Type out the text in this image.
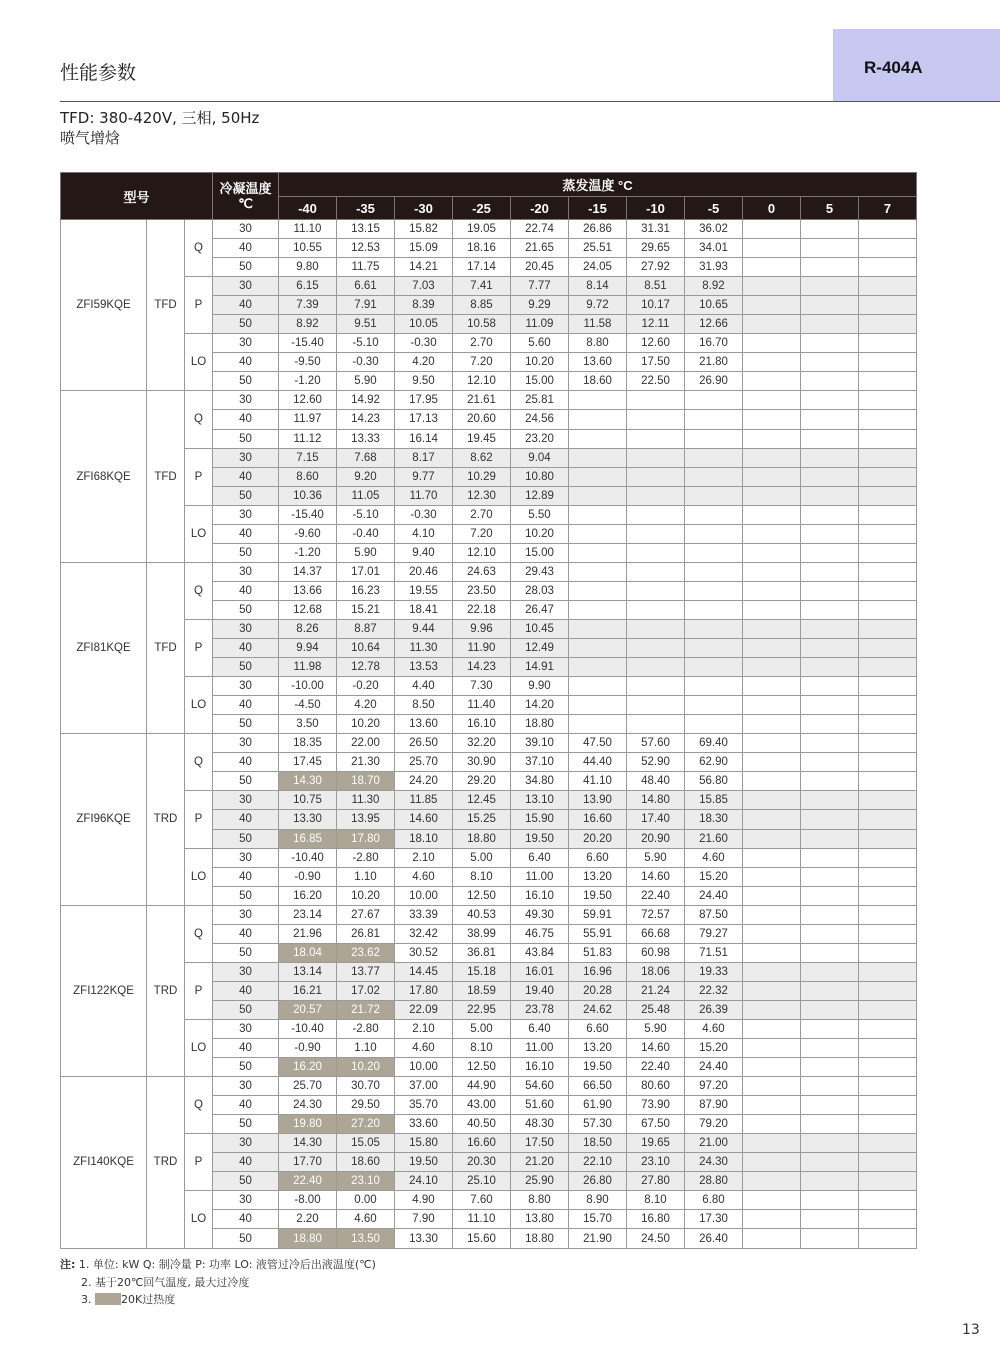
性能参数	R-404A
TFD: 380-420V, 三相, 50Hz
喷气增焓
型号			冷凝温度
℃	蒸发温度 °C										
				-40	-35	-30	-25	-20	-15	-10	-5	0	5	7
ZFI59KQE	TFD	Q	30	11.10	13.15	15.82	19.05	22.74	26.86	31.31	36.02			
			40	10.55	12.53	15.09	18.16	21.65	25.51	29.65	34.01			
			50	9.80	11.75	14.21	17.14	20.45	24.05	27.92	31.93			
		P	30	6.15	6.61	7.03	7.41	7.77	8.14	8.51	8.92			
			40	7.39	7.91	8.39	8.85	9.29	9.72	10.17	10.65			
			50	8.92	9.51	10.05	10.58	11.09	11.58	12.11	12.66			
		LO	30	-15.40	-5.10	-0.30	2.70	5.60	8.80	12.60	16.70			
			40	-9.50	-0.30	4.20	7.20	10.20	13.60	17.50	21.80			
			50	-1.20	5.90	9.50	12.10	15.00	18.60	22.50	26.90			
ZFI68KQE	TFD	Q	30	12.60	14.92	17.95	21.61	25.81						
			40	11.97	14.23	17.13	20.60	24.56						
			50	11.12	13.33	16.14	19.45	23.20						
		P	30	7.15	7.68	8.17	8.62	9.04						
			40	8.60	9.20	9.77	10.29	10.80						
			50	10.36	11.05	11.70	12.30	12.89						
		LO	30	-15.40	-5.10	-0.30	2.70	5.50						
			40	-9.60	-0.40	4.10	7.20	10.20						
			50	-1.20	5.90	9.40	12.10	15.00						
ZFI81KQE	TFD	Q	30	14.37	17.01	20.46	24.63	29.43						
			40	13.66	16.23	19.55	23.50	28.03						
			50	12.68	15.21	18.41	22.18	26.47						
		P	30	8.26	8.87	9.44	9.96	10.45						
			40	9.94	10.64	11.30	11.90	12.49						
			50	11.98	12.78	13.53	14.23	14.91						
		LO	30	-10.00	-0.20	4.40	7.30	9.90						
			40	-4.50	4.20	8.50	11.40	14.20						
			50	3.50	10.20	13.60	16.10	18.80						
ZFI96KQE	TRD	Q	30	18.35	22.00	26.50	32.20	39.10	47.50	57.60	69.40			
			40	17.45	21.30	25.70	30.90	37.10	44.40	52.90	62.90			
			50	14.30	18.70	24.20	29.20	34.80	41.10	48.40	56.80			
		P	30	10.75	11.30	11.85	12.45	13.10	13.90	14.80	15.85			
			40	13.30	13.95	14.60	15.25	15.90	16.60	17.40	18.30			
			50	16.85	17.80	18.10	18.80	19.50	20.20	20.90	21.60			
		LO	30	-10.40	-2.80	2.10	5.00	6.40	6.60	5.90	4.60			
			40	-0.90	1.10	4.60	8.10	11.00	13.20	14.60	15.20			
			50	16.20	10.20	10.00	12.50	16.10	19.50	22.40	24.40			
ZFI122KQE	TRD	Q	30	23.14	27.67	33.39	40.53	49.30	59.91	72.57	87.50			
			40	21.96	26.81	32.42	38.99	46.75	55.91	66.68	79.27			
			50	18.04	23.62	30.52	36.81	43.84	51.83	60.98	71.51			
		P	30	13.14	13.77	14.45	15.18	16.01	16.96	18.06	19.33			
			40	16.21	17.02	17.80	18.59	19.40	20.28	21.24	22.32			
			50	20.57	21.72	22.09	22.95	23.78	24.62	25.48	26.39			
		LO	30	-10.40	-2.80	2.10	5.00	6.40	6.60	5.90	4.60			
			40	-0.90	1.10	4.60	8.10	11.00	13.20	14.60	15.20			
			50	16.20	10.20	10.00	12.50	16.10	19.50	22.40	24.40			
ZFI140KQE	TRD	Q	30	25.70	30.70	37.00	44.90	54.60	66.50	80.60	97.20			
			40	24.30	29.50	35.70	43.00	51.60	61.90	73.90	87.90			
			50	19.80	27.20	33.60	40.50	48.30	57.30	67.50	79.20			
		P	30	14.30	15.05	15.80	16.60	17.50	18.50	19.65	21.00			
			40	17.70	18.60	19.50	20.30	21.20	22.10	23.10	24.30			
			50	22.40	23.10	24.10	25.10	25.90	26.80	27.80	28.80			
		LO	30	-8.00	0.00	4.90	7.60	8.80	8.90	8.10	6.80			
			40	2.20	4.60	7.90	11.10	13.80	15.70	16.80	17.30			
			50	18.80	13.50	13.30	15.60	18.80	21.90	24.50	26.40			
注: 1. 单位: kW Q: 制冷量 P: 功率 LO: 液管过冷后出液温度(℃)
2. 基于20℃回气温度, 最大过冷度
3.	20K过热度
13
